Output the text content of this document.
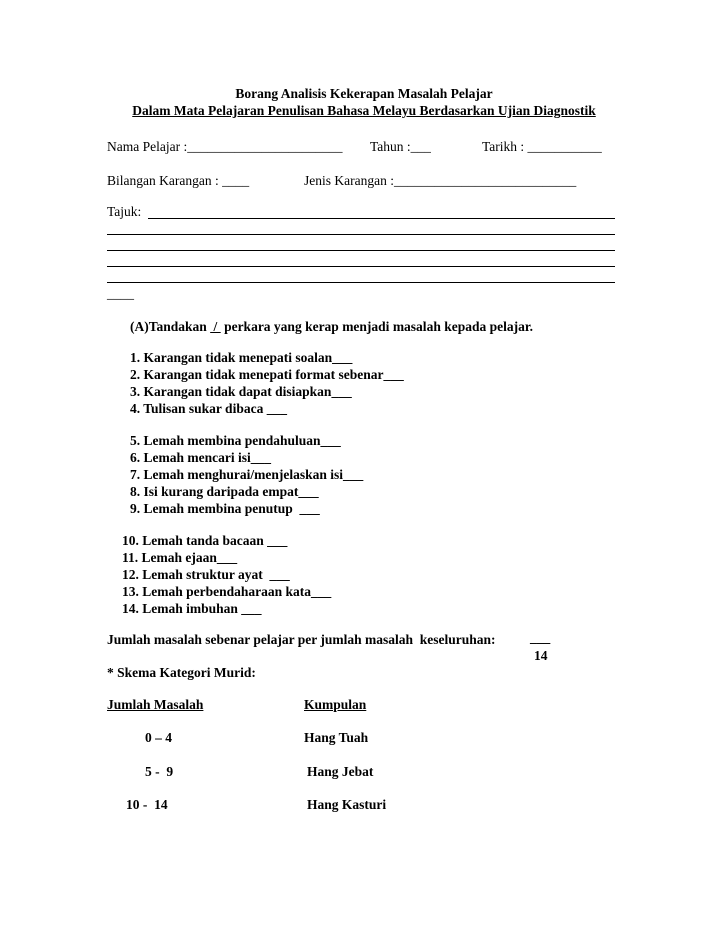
Borang Analisis Kekerapan Masalah Pelajar
Dalam Mata Pelajaran Penulisan Bahasa Melayu Berdasarkan Ujian Diagnostik
Nama Pelajar :_______________________ Tahun :___	Tarikh : ___________
Bilangan Karangan : ____	Jenis Karangan :___________________________
Tajuk:
____
(A)Tandakan  /  perkara yang kerap menjadi masalah kepada pelajar.
1. Karangan tidak menepati soalan___
2. Karangan tidak menepati format sebenar___
3. Karangan tidak dapat disiapkan___
4. Tulisan sukar dibaca ___
5. Lemah membina pendahuluan___
6. Lemah mencari isi___
7. Lemah menghurai/menjelaskan isi___
8. Isi kurang daripada empat___
9. Lemah membina penutup  ___
10. Lemah tanda bacaan ___
11. Lemah ejaan___
12. Lemah struktur ayat  ___
13. Lemah perbendaharaan kata___
14. Lemah imbuhan ___
Jumlah masalah sebenar pelajar per jumlah masalah  keseluruhan:	___
14
* Skema Kategori Murid:
Jumlah Masalah	Kumpulan
0 – 4	Hang Tuah
5 -  9	Hang Jebat
10 -  14	Hang Kasturi
